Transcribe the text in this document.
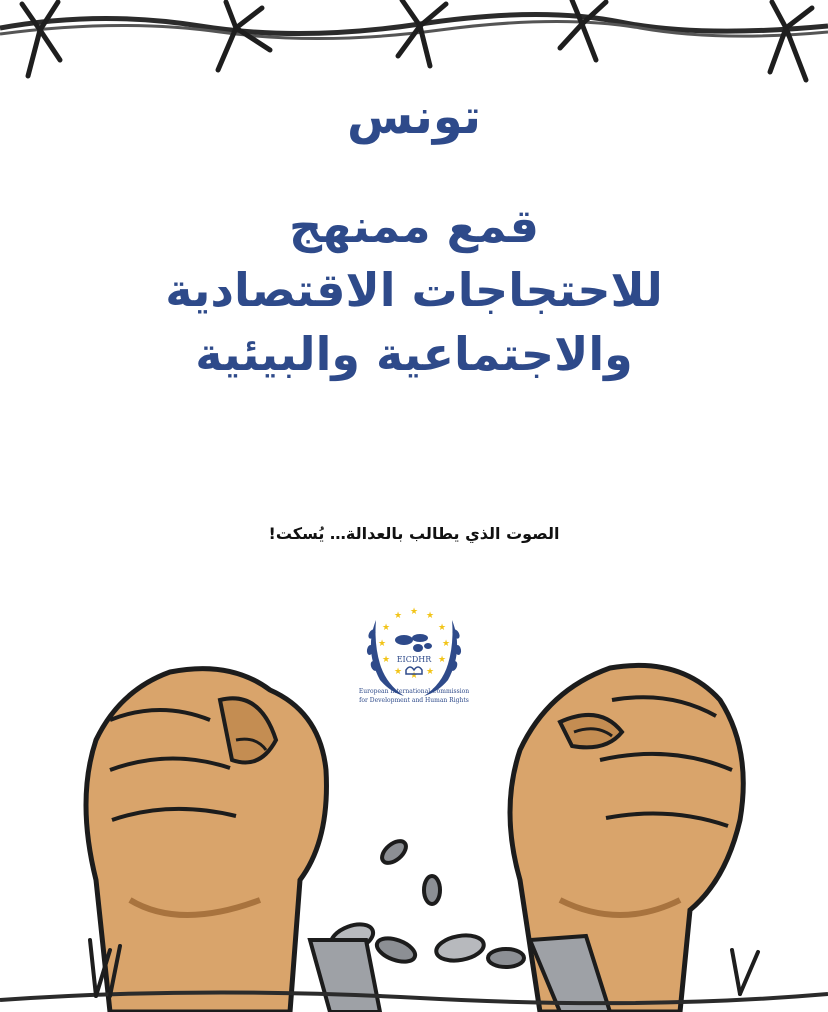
تونس
قمع ممنهج
للاحتجاجات الاقتصادية
والاجتماعية والبيئية
الصوت الذي يطالب بالعدالة… يُسكت!
★ ★
★
★
★
★
★
★
★
★
★ ★
EICDHR
European International Commission
for Development and Human Rights
